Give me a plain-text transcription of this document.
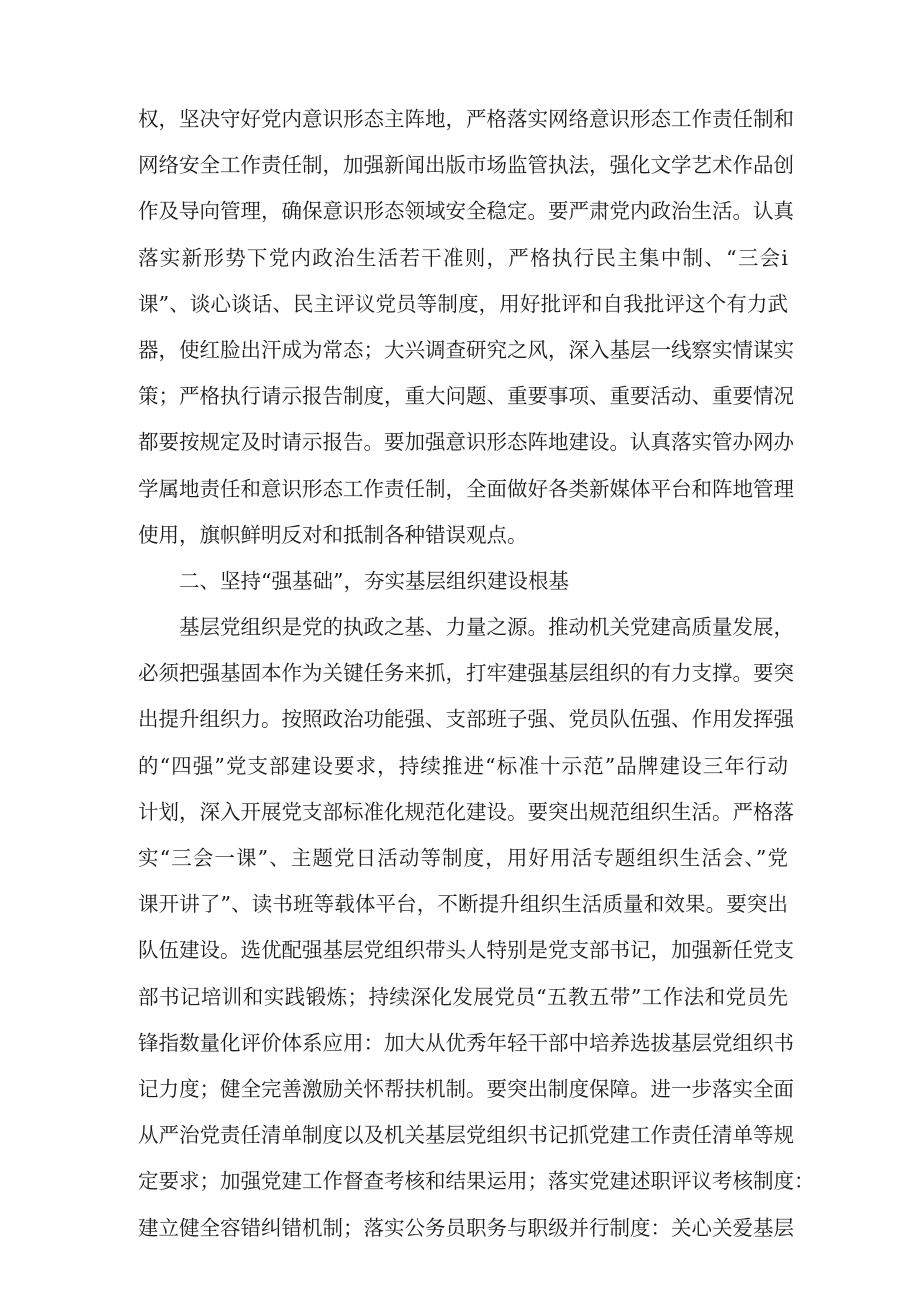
权，坚决守好党内意识形态主阵地，严格落实网络意识形态工作责任制和
网络安全工作责任制，加强新闻出版市场监管执法，强化文学艺术作品创
作及导向管理，确保意识形态领域安全稳定。要严肃党内政治生活。认真
落实新形势下党内政治生活若干准则，严格执行民主集中制、“三会i
课”、谈心谈话、民主评议党员等制度，用好批评和自我批评这个有力武
器，使红脸出汗成为常态；大兴调查研究之风，深入基层一线察实情谋实
策；严格执行请示报告制度，重大问题、重要事项、重要活动、重要情况
都要按规定及时请示报告。要加强意识形态阵地建设。认真落实管办网办
学属地责任和意识形态工作责任制，全面做好各类新媒体平台和阵地管理
使用，旗帜鲜明反对和抵制各种错误观点。
二、坚持“强基础”，夯实基层组织建设根基
基层党组织是党的执政之基、力量之源。推动机关党建高质量发展，
必须把强基固本作为关键任务来抓，打牢建强基层组织的有力支撑。要突
出提升组织力。按照政治功能强、支部班子强、党员队伍强、作用发挥强
的“四强”党支部建设要求，持续推进“标准十示范”品牌建设三年行动
计划，深入开展党支部标准化规范化建设。要突出规范组织生活。严格落
实“三会一课”、主题党日活动等制度，用好用活专题组织生活会、”党
课开讲了”、读书班等载体平台，不断提升组织生活质量和效果。要突出
队伍建设。选优配强基层党组织带头人特别是党支部书记，加强新任党支
部书记培训和实践锻炼；持续深化发展党员“五教五带”工作法和党员先
锋指数量化评价体系应用：加大从优秀年轻干部中培养选拔基层党组织书
记力度；健全完善激励关怀帮扶机制。要突出制度保障。进一步落实全面
从严治党责任清单制度以及机关基层党组织书记抓党建工作责任清单等规
定要求；加强党建工作督查考核和结果运用；落实党建述职评议考核制度：
建立健全容错纠错机制；落实公务员职务与职级并行制度：关心关爱基层
